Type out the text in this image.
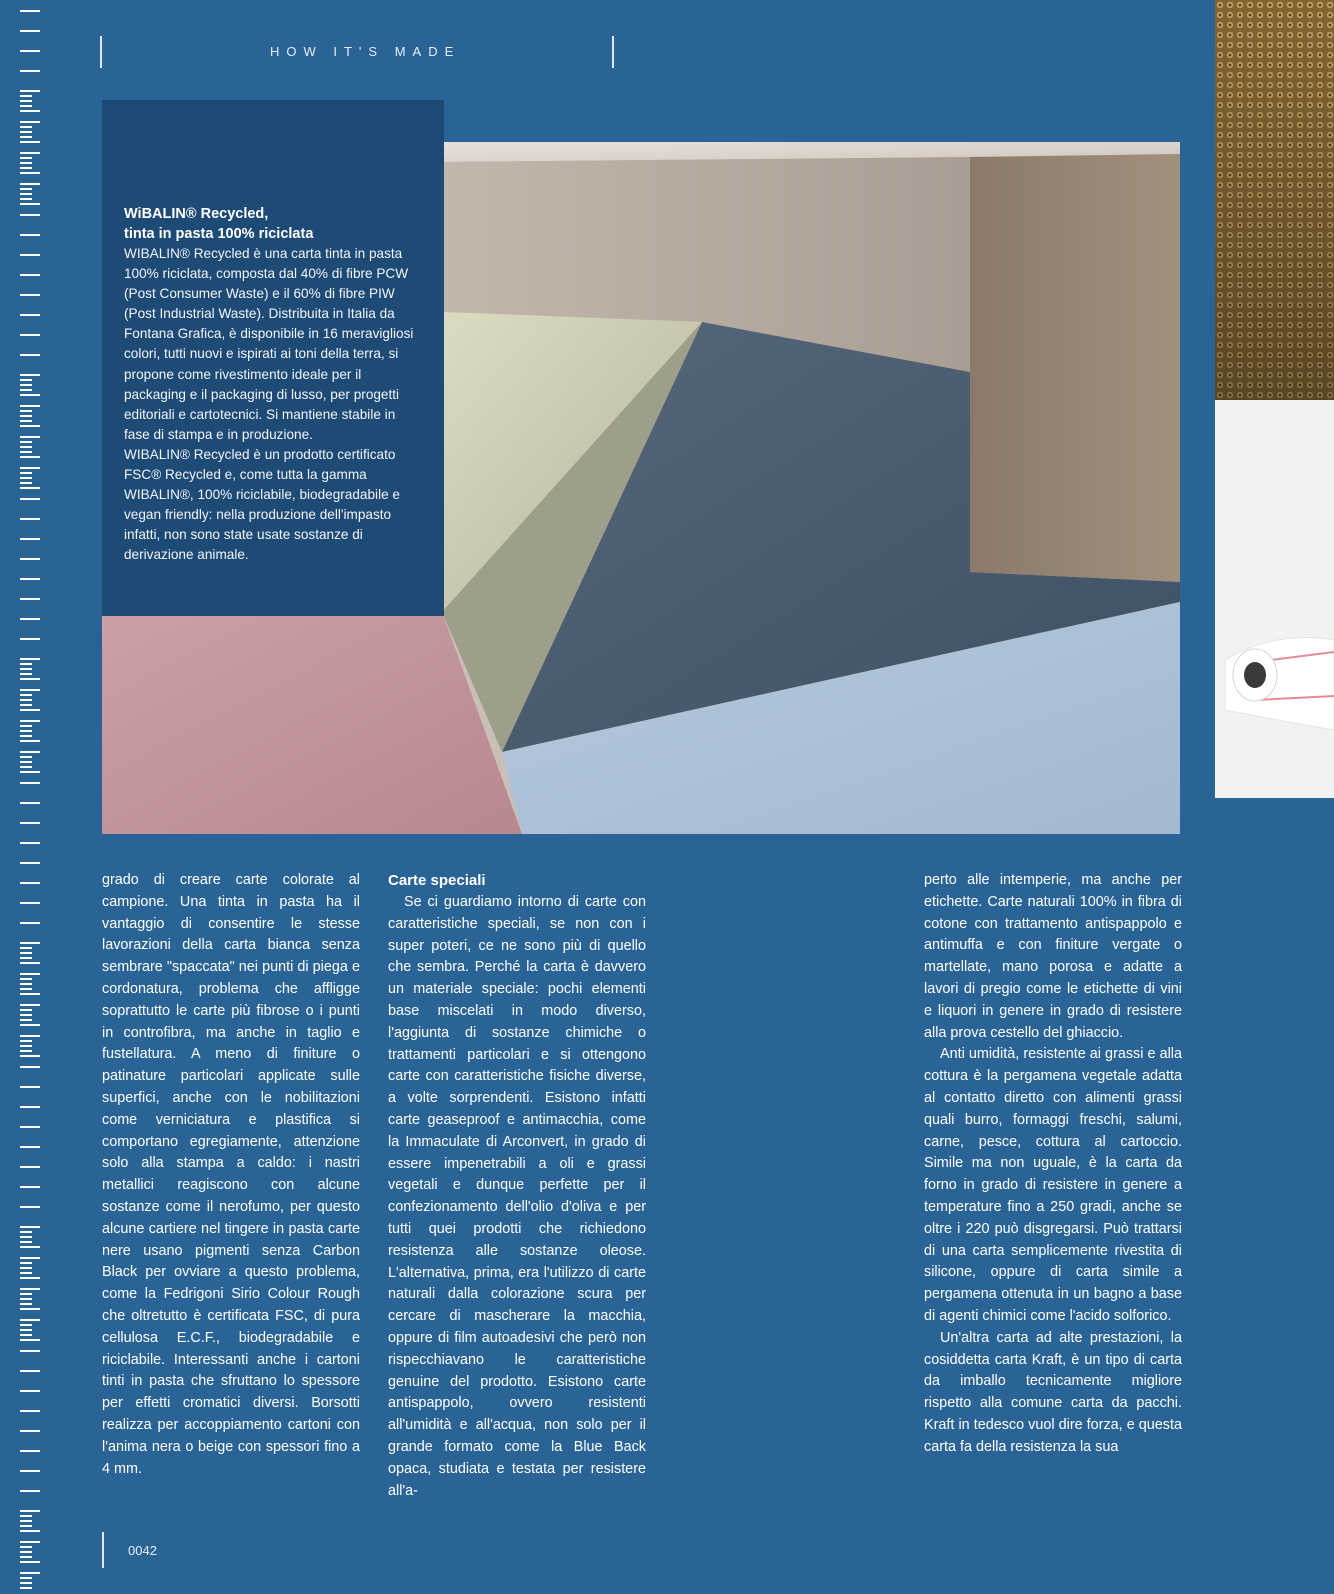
HOW IT'S MADE
WiBALIN® Recycled,
tinta in pasta 100% riciclata

WIBALIN® Recycled è una carta tinta in pasta 100% riciclata, composta dal 40% di fibre PCW (Post Consumer Waste) e il 60% di fibre PIW (Post Industrial Waste). Distribuita in Italia da Fontana Grafica, è disponibile in 16 meravigliosi colori, tutti nuovi e ispirati ai toni della terra, si propone come rivestimento ideale per il packaging e il packaging di lusso, per progetti editoriali e cartotecnici. Si mantiene stabile in fase di stampa e in produzione.

WIBALIN® Recycled è un prodotto certificato FSC® Recycled e, come tutta la gamma WIBALIN®, 100% riciclabile, biodegradabile e vegan friendly: nella produzione dell'impasto infatti, non sono state usate sostanze di derivazione animale.

grado di creare carte colorate al campione. Una tinta in pasta ha il vantaggio di consentire le stesse lavorazioni della carta bianca senza sembrare "spaccata" nei punti di piega e cordonatura, problema che affligge soprattutto le carte più fibrose o i punti in controfibra, ma anche in taglio e fustellatura. A meno di finiture o patinature particolari applicate sulle superfici, anche con le nobilitazioni come verniciatura e plastifica si comportano egregiamente, attenzione solo alla stampa a caldo: i nastri metallici reagiscono con alcune sostanze come il nerofumo, per questo alcune cartiere nel tingere in pasta carte nere usano pigmenti senza Carbon Black per ovviare a questo problema, come la Fedrigoni Sirio Colour Rough che oltretutto è certificata FSC, di pura cellulosa E.C.F., biodegradabile e riciclabile. Interessanti anche i cartoni tinti in pasta che sfruttano lo spessore per effetti cromatici diversi. Borsotti realizza per accoppiamento cartoni con l'anima nera o beige con spessori fino a 4 mm.

Carte speciali

Se ci guardiamo intorno di carte con caratteristiche speciali, se non con i super poteri, ce ne sono più di quello che sembra. Perché la carta è davvero un materiale speciale: pochi elementi base miscelati in modo diverso, l'aggiunta di sostanze chimiche o trattamenti particolari e si ottengono carte con caratteristiche fisiche diverse, a volte sorprendenti. Esistono infatti carte geaseproof e antimacchia, come la Immaculate di Arconvert, in grado di essere impenetrabili a oli e grassi vegetali e dunque perfette per il confezionamento dell'olio d'oliva e per tutti quei prodotti che richiedono resistenza alle sostanze oleose. L'alternativa, prima, era l'utilizzo di carte naturali dalla colorazione scura per cercare di mascherare la macchia, oppure di film autoadesivi che però non rispecchiavano le caratteristiche genuine del prodotto. Esistono carte antispappolo, ovvero resistenti all'umidità e all'acqua, non solo per il grande formato come la Blue Back opaca, studiata e testata per resistere all'a-

perto alle intemperie, ma anche per etichette. Carte naturali 100% in fibra di cotone con trattamento antispappolo e antimuffa e con finiture vergate o martellate, mano porosa e adatte a lavori di pregio come le etichette di vini e liquori in genere in grado di resistere alla prova cestello del ghiaccio.

Anti umidità, resistente ai grassi e alla cottura è la pergamena vegetale adatta al contatto diretto con alimenti grassi quali burro, formaggi freschi, salumi, carne, pesce, cottura al cartoccio. Simile ma non uguale, è la carta da forno in grado di resistere in genere a temperature fino a 250 gradi, anche se oltre i 220 può disgregarsi. Può trattarsi di una carta semplicemente rivestita di silicone, oppure di carta simile a pergamena ottenuta in un bagno a base di agenti chimici come l'acido solforico.

Un'altra carta ad alte prestazioni, la cosiddetta carta Kraft, è un tipo di carta da imballo tecnicamente migliore rispetto alla comune carta da pacchi. Kraft in tedesco vuol dire forza, e questa carta fa della resistenza la sua

0042
